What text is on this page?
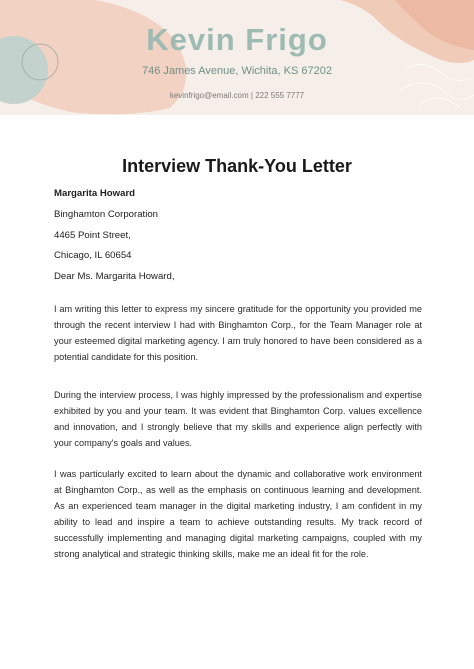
Kevin Frigo
746 James Avenue, Wichita, KS 67202
kevinfrigo@email.com | 222 555 7777
Interview Thank-You Letter
Margarita Howard
Binghamton Corporation
4465 Point Street,
Chicago, IL 60654
Dear Ms. Margarita Howard,
I am writing this letter to express my sincere gratitude for the opportunity you provided me through the recent interview I had with Binghamton Corp., for the Team Manager role at your esteemed digital marketing agency. I am truly honored to have been considered as a potential candidate for this position.
During the interview process, I was highly impressed by the professionalism and expertise exhibited by you and your team. It was evident that Binghamton Corp. values excellence and innovation, and I strongly believe that my skills and experience align perfectly with your company's goals and values.
I was particularly excited to learn about the dynamic and collaborative work environment at Binghamton Corp., as well as the emphasis on continuous learning and development. As an experienced team manager in the digital marketing industry, I am confident in my ability to lead and inspire a team to achieve outstanding results. My track record of successfully implementing and managing digital marketing campaigns, coupled with my strong analytical and strategic thinking skills, make me an ideal fit for the role.
